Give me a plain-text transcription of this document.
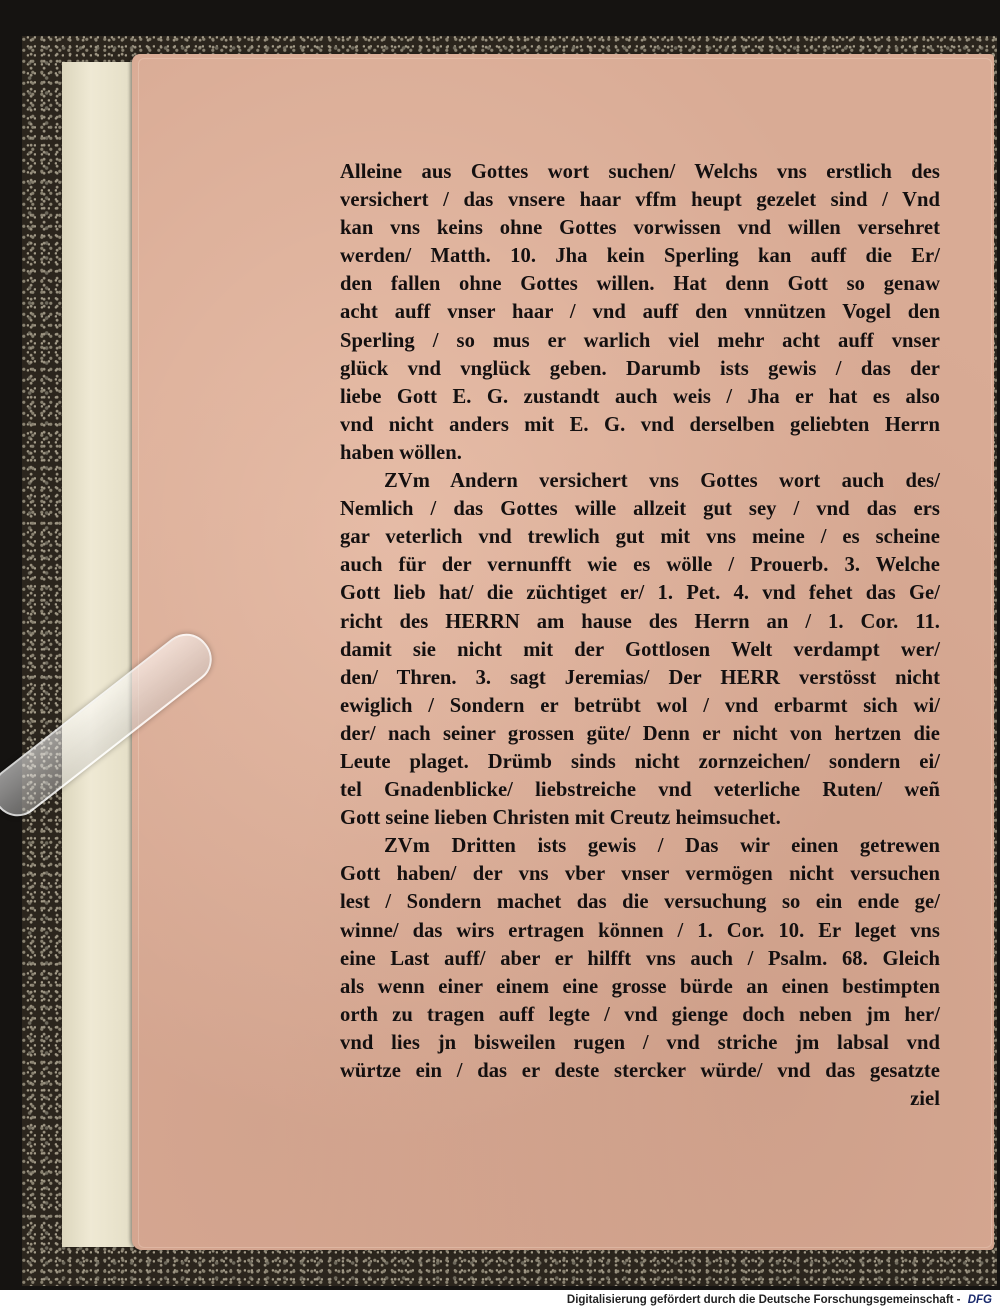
Alleine aus Gottes wort suchen/ Welchs vns erstlich des
versichert / das vnsere haar vffm heupt gezelet sind / Vnd
kan vns keins ohne Gottes vorwissen vnd willen versehret
werden/ Matth. 10. Jha kein Sperling kan auff die Er/
den fallen ohne Gottes willen. Hat denn Gott so genaw
acht auff vnser haar / vnd auff den vnnützen Vogel den
Sperling / so mus er warlich viel mehr acht auff vnser
glück vnd vnglück geben. Darumb ists gewis / das der
liebe Gott E. G. zustandt auch weis / Jha er hat es also
vnd nicht anders mit E. G. vnd derselben geliebten Herrn
haben wöllen.
ZVm Andern versichert vns Gottes wort auch des/
Nemlich / das Gottes wille allzeit gut sey / vnd das ers
gar veterlich vnd trewlich gut mit vns meine / es scheine
auch für der vernunfft wie es wölle / Prouerb. 3. Welche
Gott lieb hat/ die züchtiget er/ 1. Pet. 4. vnd fehet das Ge/
richt des HERRN am hause des Herrn an / 1. Cor. 11.
damit sie nicht mit der Gottlosen Welt verdampt wer/
den/ Thren. 3. sagt Jeremias/ Der HERR verstösst nicht
ewiglich / Sondern er betrübt wol / vnd erbarmt sich wi/
der/ nach seiner grossen güte/ Denn er nicht von hertzen die
Leute plaget. Drümb sinds nicht zornzeichen/ sondern ei/
tel Gnadenblicke/ liebstreiche vnd veterliche Ruten/ weñ
Gott seine lieben Christen mit Creutz heimsuchet.
ZVm Dritten ists gewis / Das wir einen getrewen
Gott haben/ der vns vber vnser vermögen nicht versuchen
lest / Sondern machet das die versuchung so ein ende ge/
winne/ das wirs ertragen können / 1. Cor. 10. Er leget vns
eine Last auff/ aber er hilfft vns auch / Psalm. 68. Gleich
als wenn einer einem eine grosse bürde an einen bestimpten
orth zu tragen auff legte / vnd gienge doch neben jm her/
vnd lies jn bisweilen rugen / vnd striche jm labsal vnd
würtze ein / das er deste stercker würde/ vnd das gesatzte
ziel
Digitalisierung gefördert durch die Deutsche Forschungsgemeinschaft - DFG
